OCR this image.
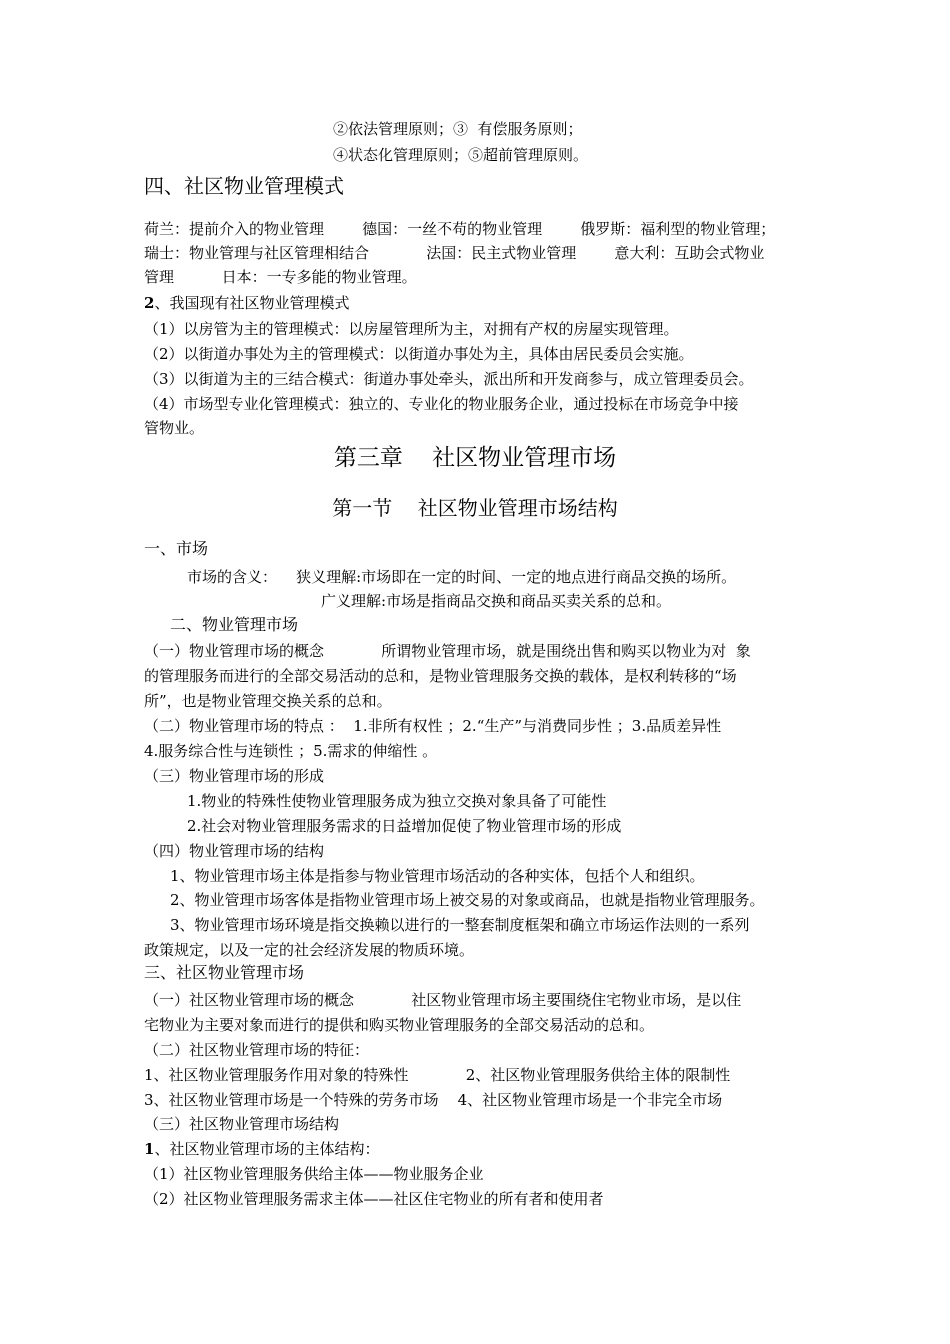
②依法管理原则；③  有偿服务原则；

④状态化管理原则；⑤超前管理原则。

四、社区物业管理模式

荷兰：提前介入的物业管理        德国：一丝不苟的物业管理        俄罗斯：福利型的物业管理；

瑞士：物业管理与社区管理相结合            法国：民主式物业管理        意大利：互助会式物业

管理          日本：一专多能的物业管理。

2、我国现有社区物业管理模式

（1）以房管为主的管理模式：以房屋管理所为主，对拥有产权的房屋实现管理。

（2）以街道办事处为主的管理模式：以街道办事处为主，具体由居民委员会实施。

（3）以街道为主的三结合模式：街道办事处牵头，派出所和开发商参与，成立管理委员会。

（4）市场型专业化管理模式：独立的、专业化的物业服务企业，通过投标在市场竞争中接

管物业。

第三章    社区物业管理市场

第一节    社区物业管理市场结构

一、市场

市场的含义：    狭义理解:市场即在一定的时间、一定的地点进行商品交换的场所。

广义理解:市场是指商品交换和商品买卖关系的总和。

二、物业管理市场

（一）物业管理市场的概念            所谓物业管理市场，就是围绕出售和购买以物业为对  象

的管理服务而进行的全部交易活动的总和，是物业管理服务交换的载体，是权利转移的“场

所”，也是物业管理交换关系的总和。

（二）物业管理市场的特点 ：  1.非所有权性 ；2.“生产”与消费同步性 ；3.品质差异性

4.服务综合性与连锁性 ；5.需求的伸缩性 。

（三）物业管理市场的形成

1.物业的特殊性使物业管理服务成为独立交换对象具备了可能性

2.社会对物业管理服务需求的日益增加促使了物业管理市场的形成

（四）物业管理市场的结构

1、物业管理市场主体是指参与物业管理市场活动的各种实体，包括个人和组织。

2、物业管理市场客体是指物业管理市场上被交易的对象或商品，也就是指物业管理服务。

3、物业管理市场环境是指交换赖以进行的一整套制度框架和确立市场运作法则的一系列

政策规定，以及一定的社会经济发展的物质环境。

三、社区物业管理市场

（一）社区物业管理市场的概念            社区物业管理市场主要围绕住宅物业市场，是以住

宅物业为主要对象而进行的提供和购买物业管理服务的全部交易活动的总和。

（二）社区物业管理市场的特征：

1、社区物业管理服务作用对象的特殊性            2、社区物业管理服务供给主体的限制性

3、社区物业管理市场是一个特殊的劳务市场    4、社区物业管理市场是一个非完全市场

（三）社区物业管理市场结构

1、社区物业管理市场的主体结构：

（1）社区物业管理服务供给主体——物业服务企业

（2）社区物业管理服务需求主体——社区住宅物业的所有者和使用者
